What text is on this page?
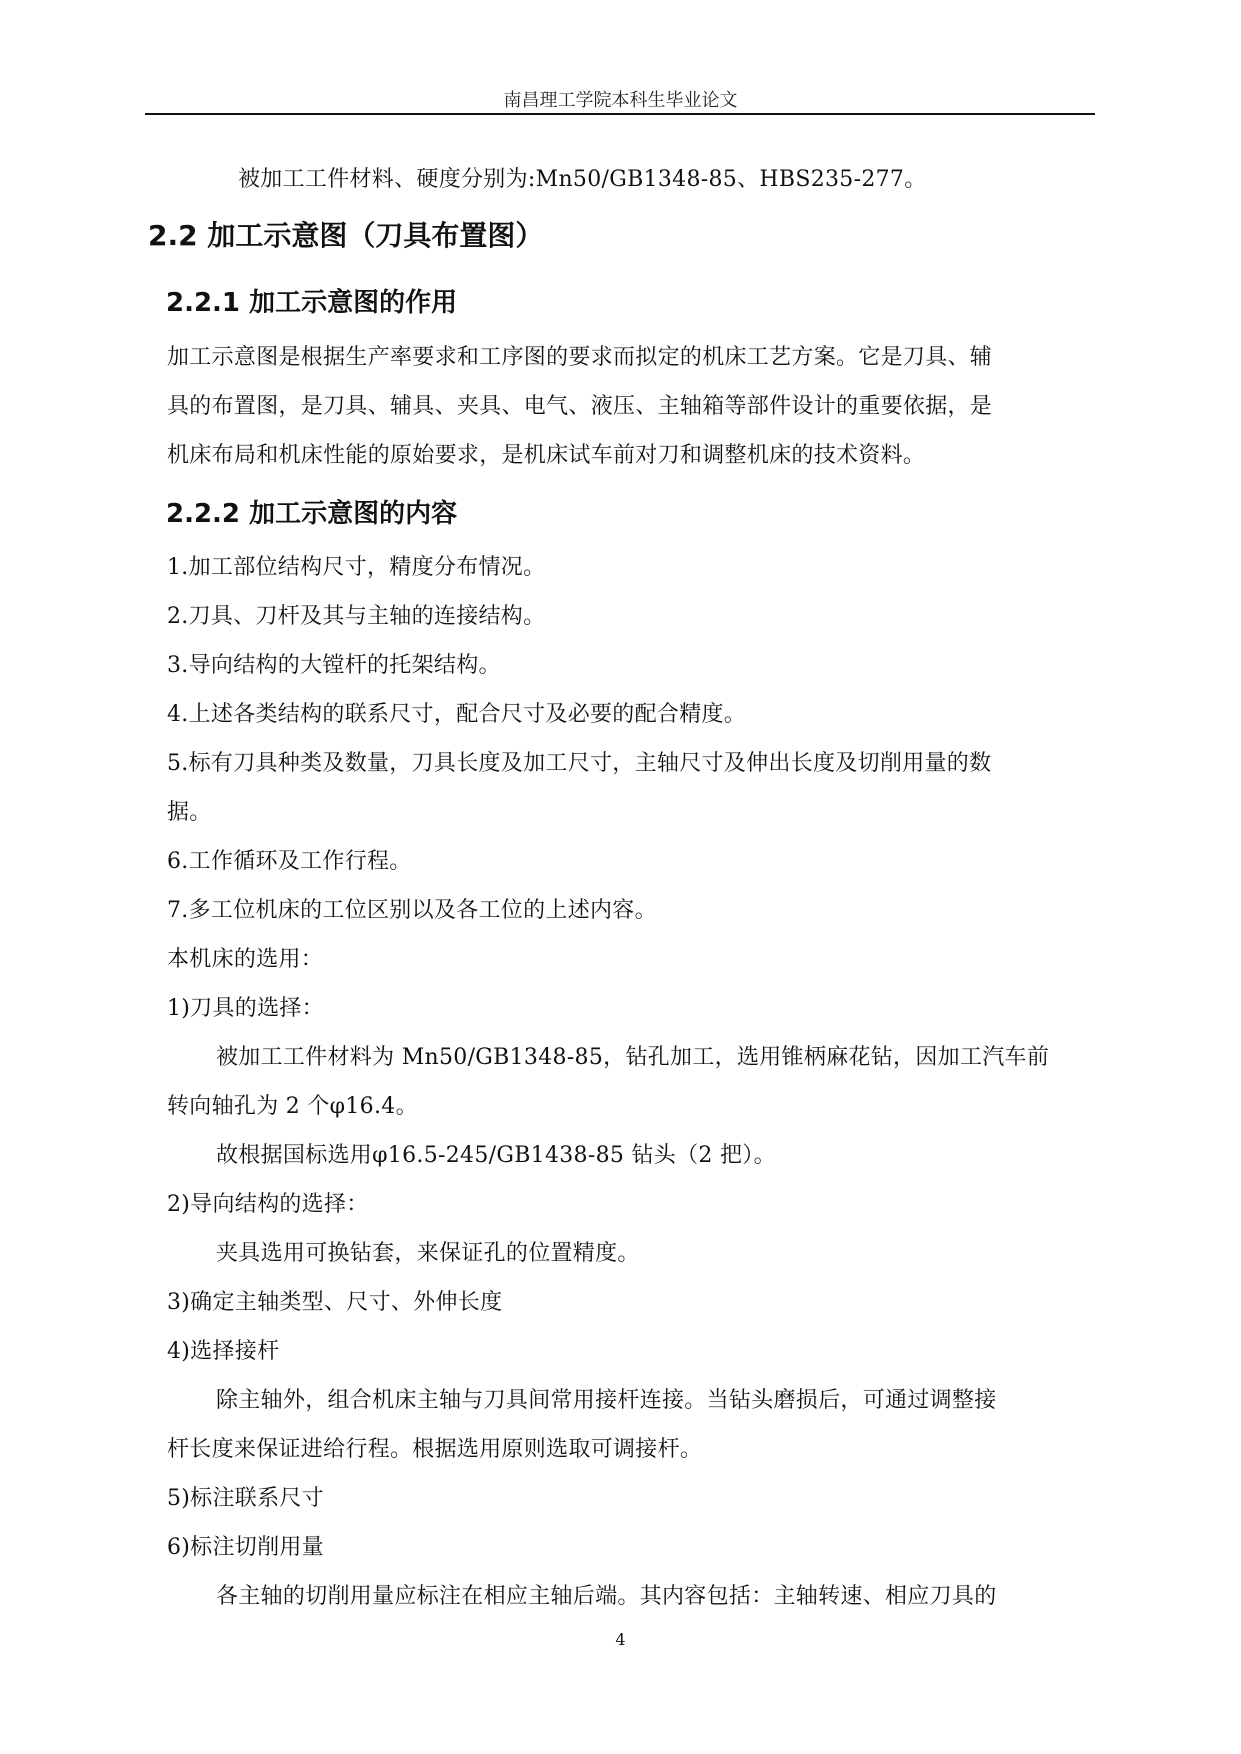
南昌理工学院本科生毕业论文
被加工工件材料、硬度分别为:Mn50/GB1348-85、HBS235-277。
2.2 加工示意图（刀具布置图）
2.2.1 加工示意图的作用
加工示意图是根据生产率要求和工序图的要求而拟定的机床工艺方案。它是刀具、辅
具的布置图，是刀具、辅具、夹具、电气、液压、主轴箱等部件设计的重要依据，是
机床布局和机床性能的原始要求，是机床试车前对刀和调整机床的技术资料。
2.2.2 加工示意图的内容
1.加工部位结构尺寸，精度分布情况。
2.刀具、刀杆及其与主轴的连接结构。
3.导向结构的大镗杆的托架结构。
4.上述各类结构的联系尺寸，配合尺寸及必要的配合精度。
5.标有刀具种类及数量，刀具长度及加工尺寸，主轴尺寸及伸出长度及切削用量的数
据。
6.工作循环及工作行程。
7.多工位机床的工位区别以及各工位的上述内容。
本机床的选用：
1)刀具的选择：
被加工工件材料为 Mn50/GB1348-85，钻孔加工，选用锥柄麻花钻，因加工汽车前
转向轴孔为 2 个φ16.4。
故根据国标选用φ16.5-245/GB1438-85 钻头（2 把）。
2)导向结构的选择：
夹具选用可换钻套，来保证孔的位置精度。
3)确定主轴类型、尺寸、外伸长度
4)选择接杆
除主轴外，组合机床主轴与刀具间常用接杆连接。当钻头磨损后，可通过调整接
杆长度来保证进给行程。根据选用原则选取可调接杆。
5)标注联系尺寸
6)标注切削用量
各主轴的切削用量应标注在相应主轴后端。其内容包括：主轴转速、相应刀具的
4
